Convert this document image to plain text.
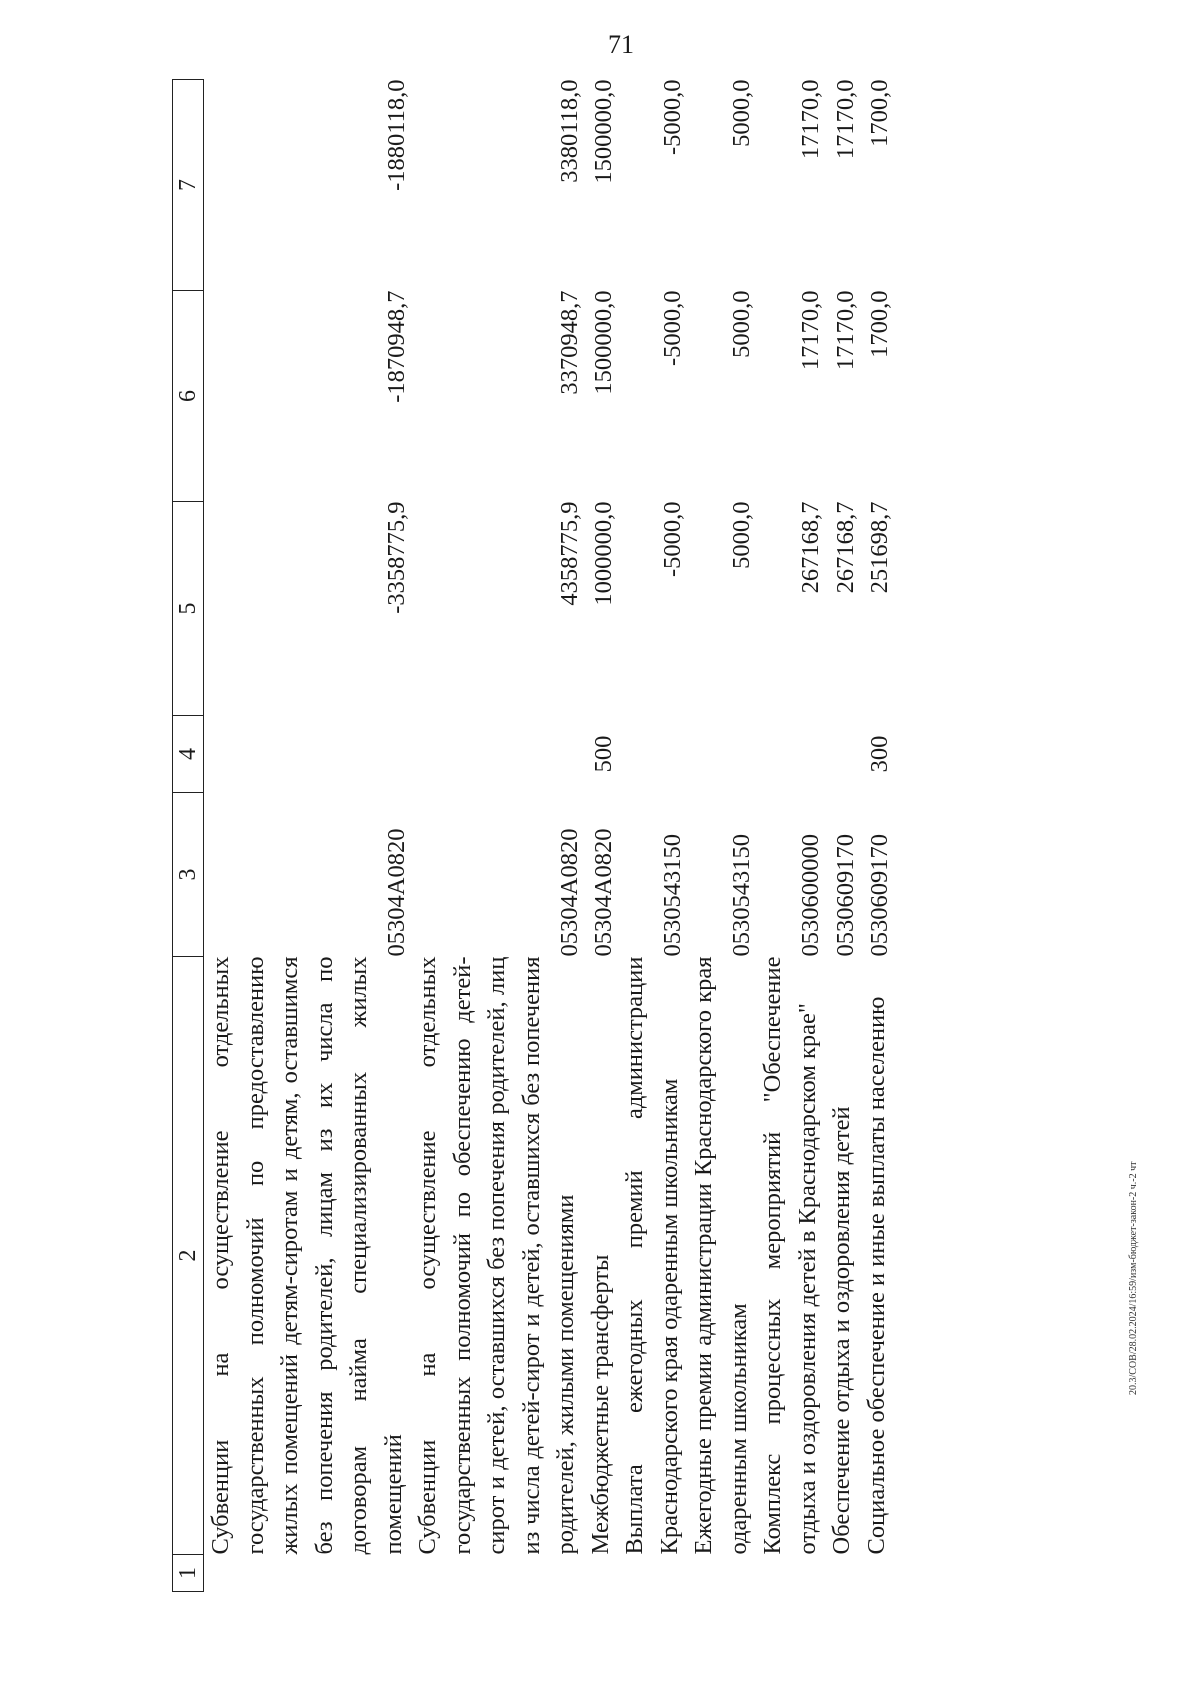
71
1	2	3	4	5	6	7

	Субвенции на осуществление отдельных государственных полномочий по предоставлению жилых помещений детям-сиротам и детям, оставшимся без попечения родителей, лицам из их числа по договорам найма специализированных жилых помещений	05304А0820		-3358775,9	-1870948,7	-1880118,0

	Субвенции на осуществление отдельных государственных полномочий по обеспечению детей-сирот и детей, оставшихся без попечения родителей, лиц из числа детей-сирот и детей, оставшихся без попечения родителей, жилыми помещениями	05304А0820		4358775,9	3370948,7	3380118,0

	Межбюджетные трансферты	05304А0820	500	1000000,0	1500000,0	1500000,0

	Выплата ежегодных премий администрации Краснодарского края одаренным школьникам	0530543150		-5000,0	-5000,0	-5000,0

	Ежегодные премии администрации Краснодарского края одаренным школьникам	0530543150		5000,0	5000,0	5000,0

	Комплекс процессных мероприятий "Обеспечение отдыха и оздоровления детей в Краснодарском крае"	0530600000		267168,7	17170,0	17170,0

	Обеспечение отдыха и оздоровления детей	0530609170		267168,7	17170,0	17170,0

	Социальное обеспечение и иные выплаты населению	0530609170	300	251698,7	1700,0	1700,0
20.3/СОВ/28.02.2024/16:59/изм-бюджет-закон-2 ч.-2 чт
